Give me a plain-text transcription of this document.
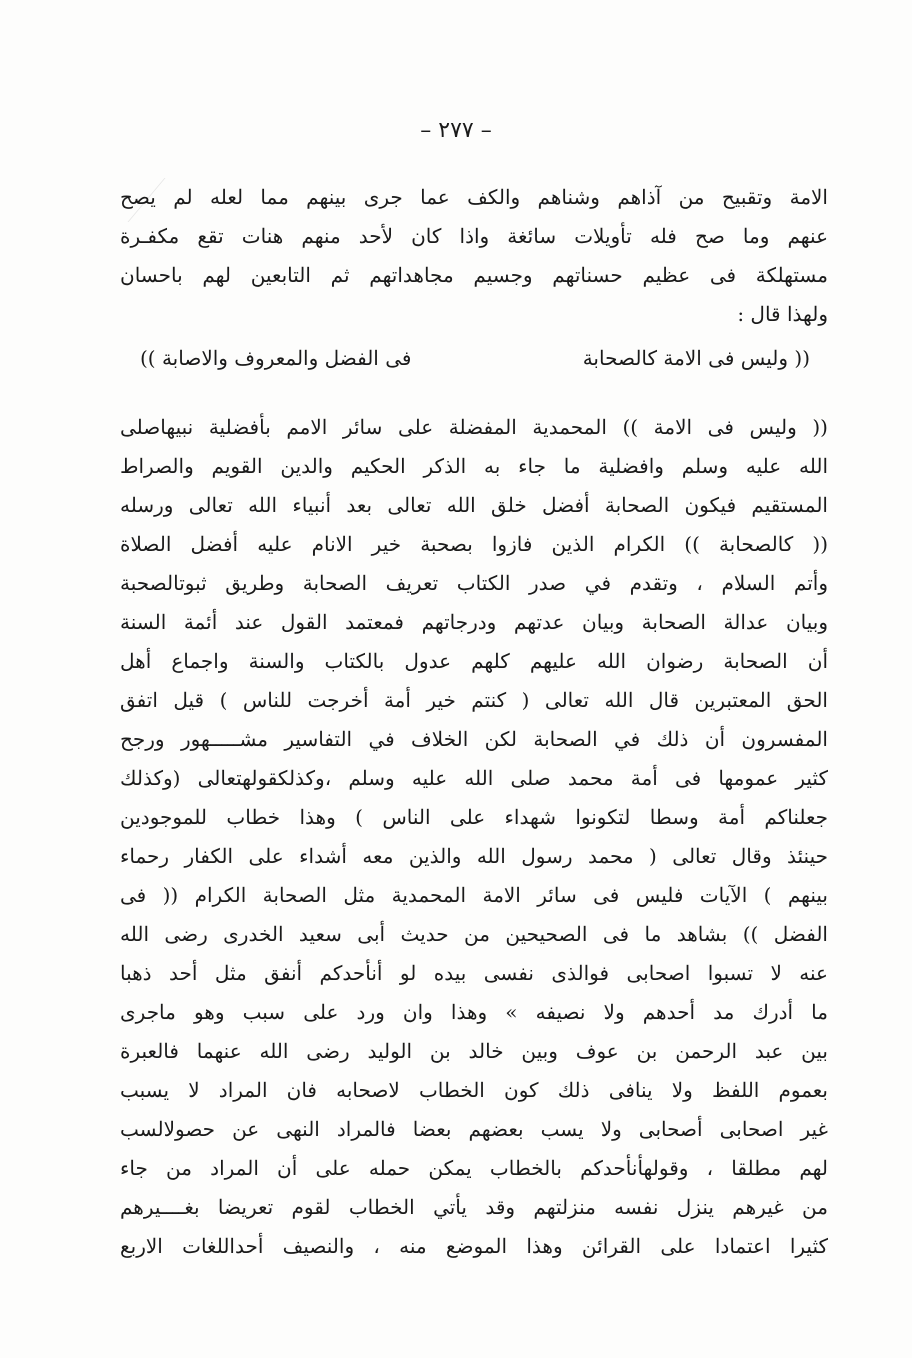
– ٢٧٧ –
الامة وتقبيح من آذاهم وشناهم والكف عما جرى بينهم مما لعله لم يصح
عنهم وما صح فله تأويلات سائغة واذا كان لأحد منهم هنات تقع مكفـرة
مستهلكة فى عظيم حسناتهم وجسيم مجاهداتهم ثم التابعين لهم باحسان
ولهذا قال :
(( وليس فى الامة كالصحابة
فى الفضل والمعروف والاصابة ))
(( وليس فى الامة )) المحمدية المفضلة على سائر الامم بأفضلية نبيهاصلى
الله عليه وسلم وافضلية ما جاء به الذكر الحكيم والدين القويم والصراط
المستقيم فيكون الصحابة أفضل خلق الله تعالى بعد أنبياء الله تعالى ورسله
(( كالصحابة )) الكرام الذين فازوا بصحبة خير الانام عليه أفضل الصلاة
وأتم السلام ، وتقدم في صدر الكتاب تعريف الصحابة وطريق ثبوتالصحبة
وبيان عدالة الصحابة وبيان عدتهم ودرجاتهم فمعتمد القول عند أئمة السنة
أن الصحابة رضوان الله عليهم كلهم عدول بالكتاب والسنة واجماع أهل
الحق المعتبرين قال الله تعالى ( كنتم خير أمة أخرجت للناس ) قيل اتفق
المفسرون أن ذلك في الصحابة لكن الخلاف في التفاسير مشـــــهور ورجح
كثير عمومها فى أمة محمد صلى الله عليه وسلم ،وكذلكقولهتعالى (وكذلك
جعلناكم أمة وسطا لتكونوا شهداء على الناس ) وهذا خطاب للموجودين
حينئذ وقال تعالى ( محمد رسول الله والذين معه أشداء على الكفار رحماء
بينهم ) الآيات فليس فى سائر الامة المحمدية مثل الصحابة الكرام (( فى
الفضل )) بشاهد ما فى الصحيحين من حديث أبى سعيد الخدرى رضى الله
عنه لا تسبوا اصحابى فوالذى نفسى بيده لو أنأحدكم أنفق مثل أحد ذهبا
ما أدرك مد أحدهم ولا نصيفه » وهذا وان ورد على سبب وهو ماجرى
بين عبد الرحمن بن عوف وبين خالد بن الوليد رضى الله عنهما فالعبرة
بعموم اللفظ ولا ينافى ذلك كون الخطاب لاصحابه فان المراد لا يسبب
غير اصحابى أصحابى ولا يسب بعضهم بعضا فالمراد النهى عن حصولالسب
لهم مطلقا ، وقولهأنأحدكم بالخطاب يمكن حمله على أن المراد من جاء
من غيرهم ينزل نفسه منزلتهم وقد يأتي الخطاب لقوم تعريضا بغــــيرهم
كثيرا اعتمادا على القرائن وهذا الموضع منه ، والنصيف أحداللغات الاربع
